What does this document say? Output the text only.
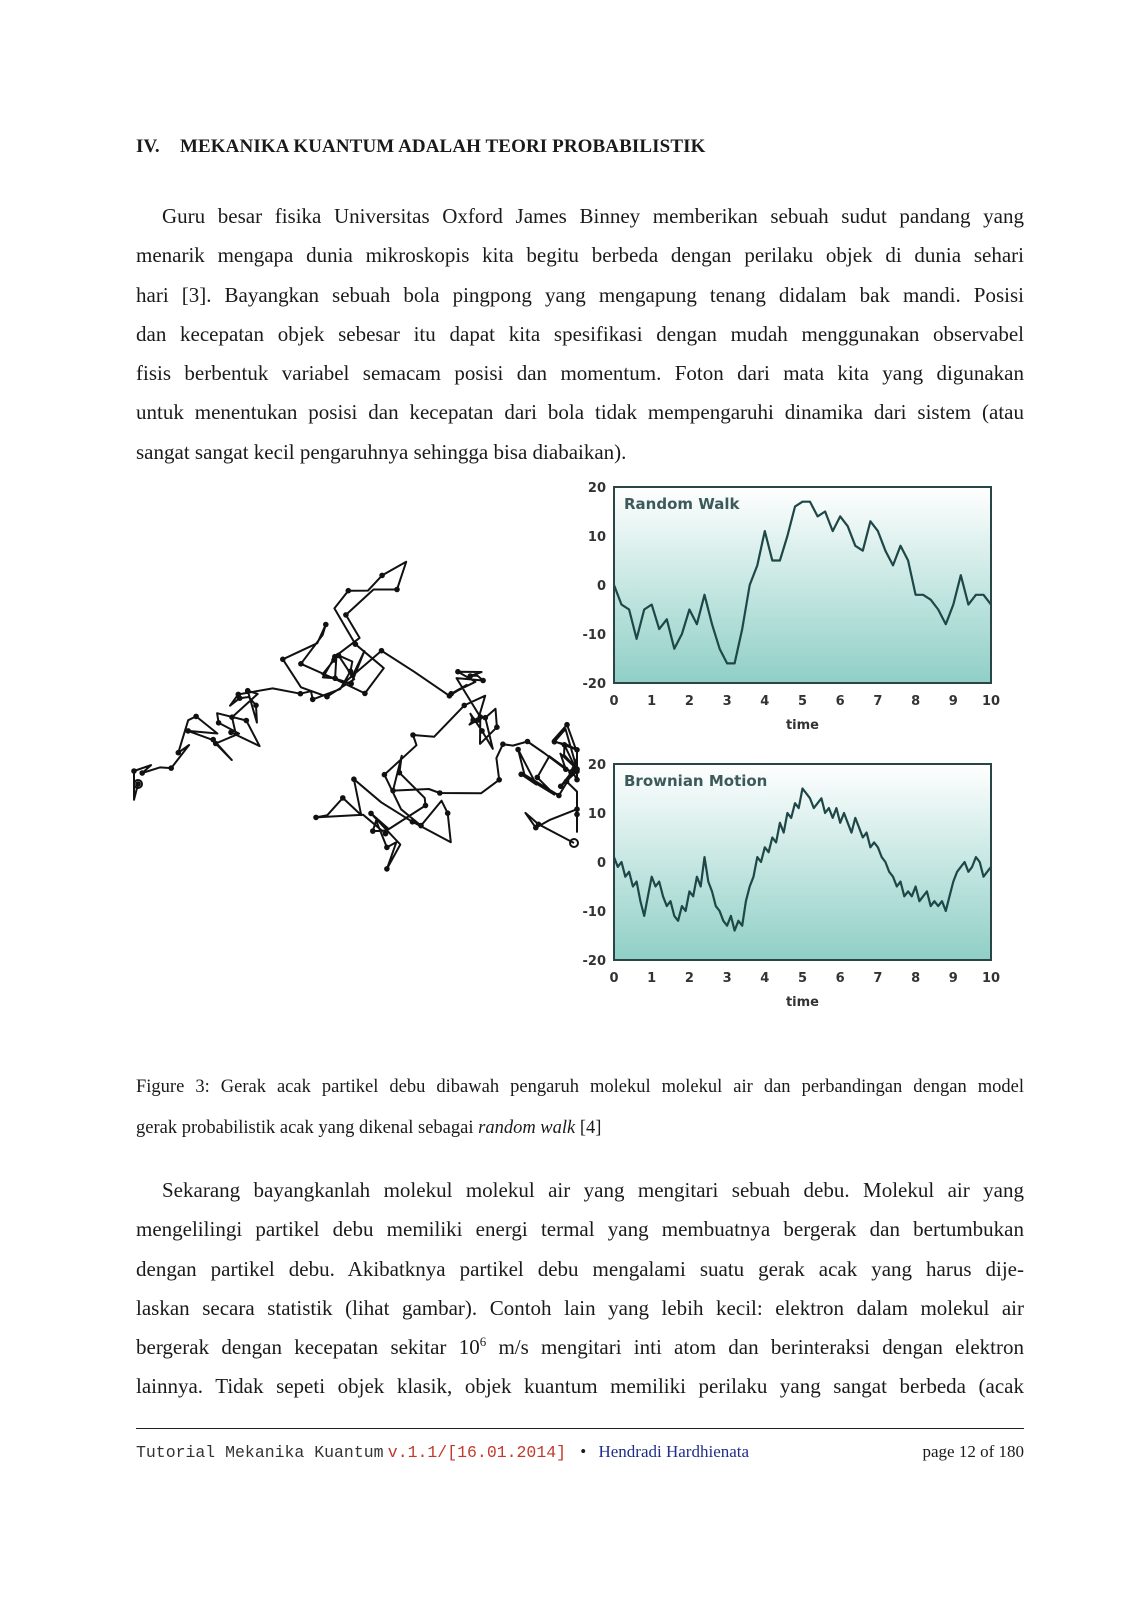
IV. MEKANIKA KUANTUM ADALAH TEORI PROBABILISTIK
Guru besar fisika Universitas Oxford James Binney memberikan sebuah sudut pandang yang
menarik mengapa dunia mikroskopis kita begitu berbeda dengan perilaku objek di dunia sehari
hari [3]. Bayangkan sebuah bola pingpong yang mengapung tenang didalam bak mandi. Posisi
dan kecepatan objek sebesar itu dapat kita spesifikasi dengan mudah menggunakan observabel
fisis berbentuk variabel semacam posisi dan momentum. Foton dari mata kita yang digunakan
untuk menentukan posisi dan kecepatan dari bola tidak mempengaruhi dinamika dari sistem (atau
sangat sangat kecil pengaruhnya sehingga bisa diabaikan).
Random Walk
20
10
0
-10
-20
0 1 2 3 4 5 6 7 8 9 10
time
Brownian Motion
20
10
0
-10
-20
0 1 2 3 4 5 6 7 8 9 10
time
Figure 3: Gerak acak partikel debu dibawah pengaruh molekul molekul air dan perbandingan dengan model
gerak probabilistik acak yang dikenal sebagai random walk [4]
Sekarang bayangkanlah molekul molekul air yang mengitari sebuah debu. Molekul air yang
mengelilingi partikel debu memiliki energi termal yang membuatnya bergerak dan bertumbukan
dengan partikel debu. Akibatknya partikel debu mengalami suatu gerak acak yang harus dije-
laskan secara statistik (lihat gambar). Contoh lain yang lebih kecil: elektron dalam molekul air
bergerak dengan kecepatan sekitar $10^6$ m/s mengitari inti atom dan berinteraksi dengan elektron
lainnya. Tidak sepeti objek klasik, objek kuantum memiliki perilaku yang sangat berbeda (acak
Tutorial Mekanika Kuantum v.1.1/[16.01.2014] • Hendradi Hardhienata	page 12 of 180
